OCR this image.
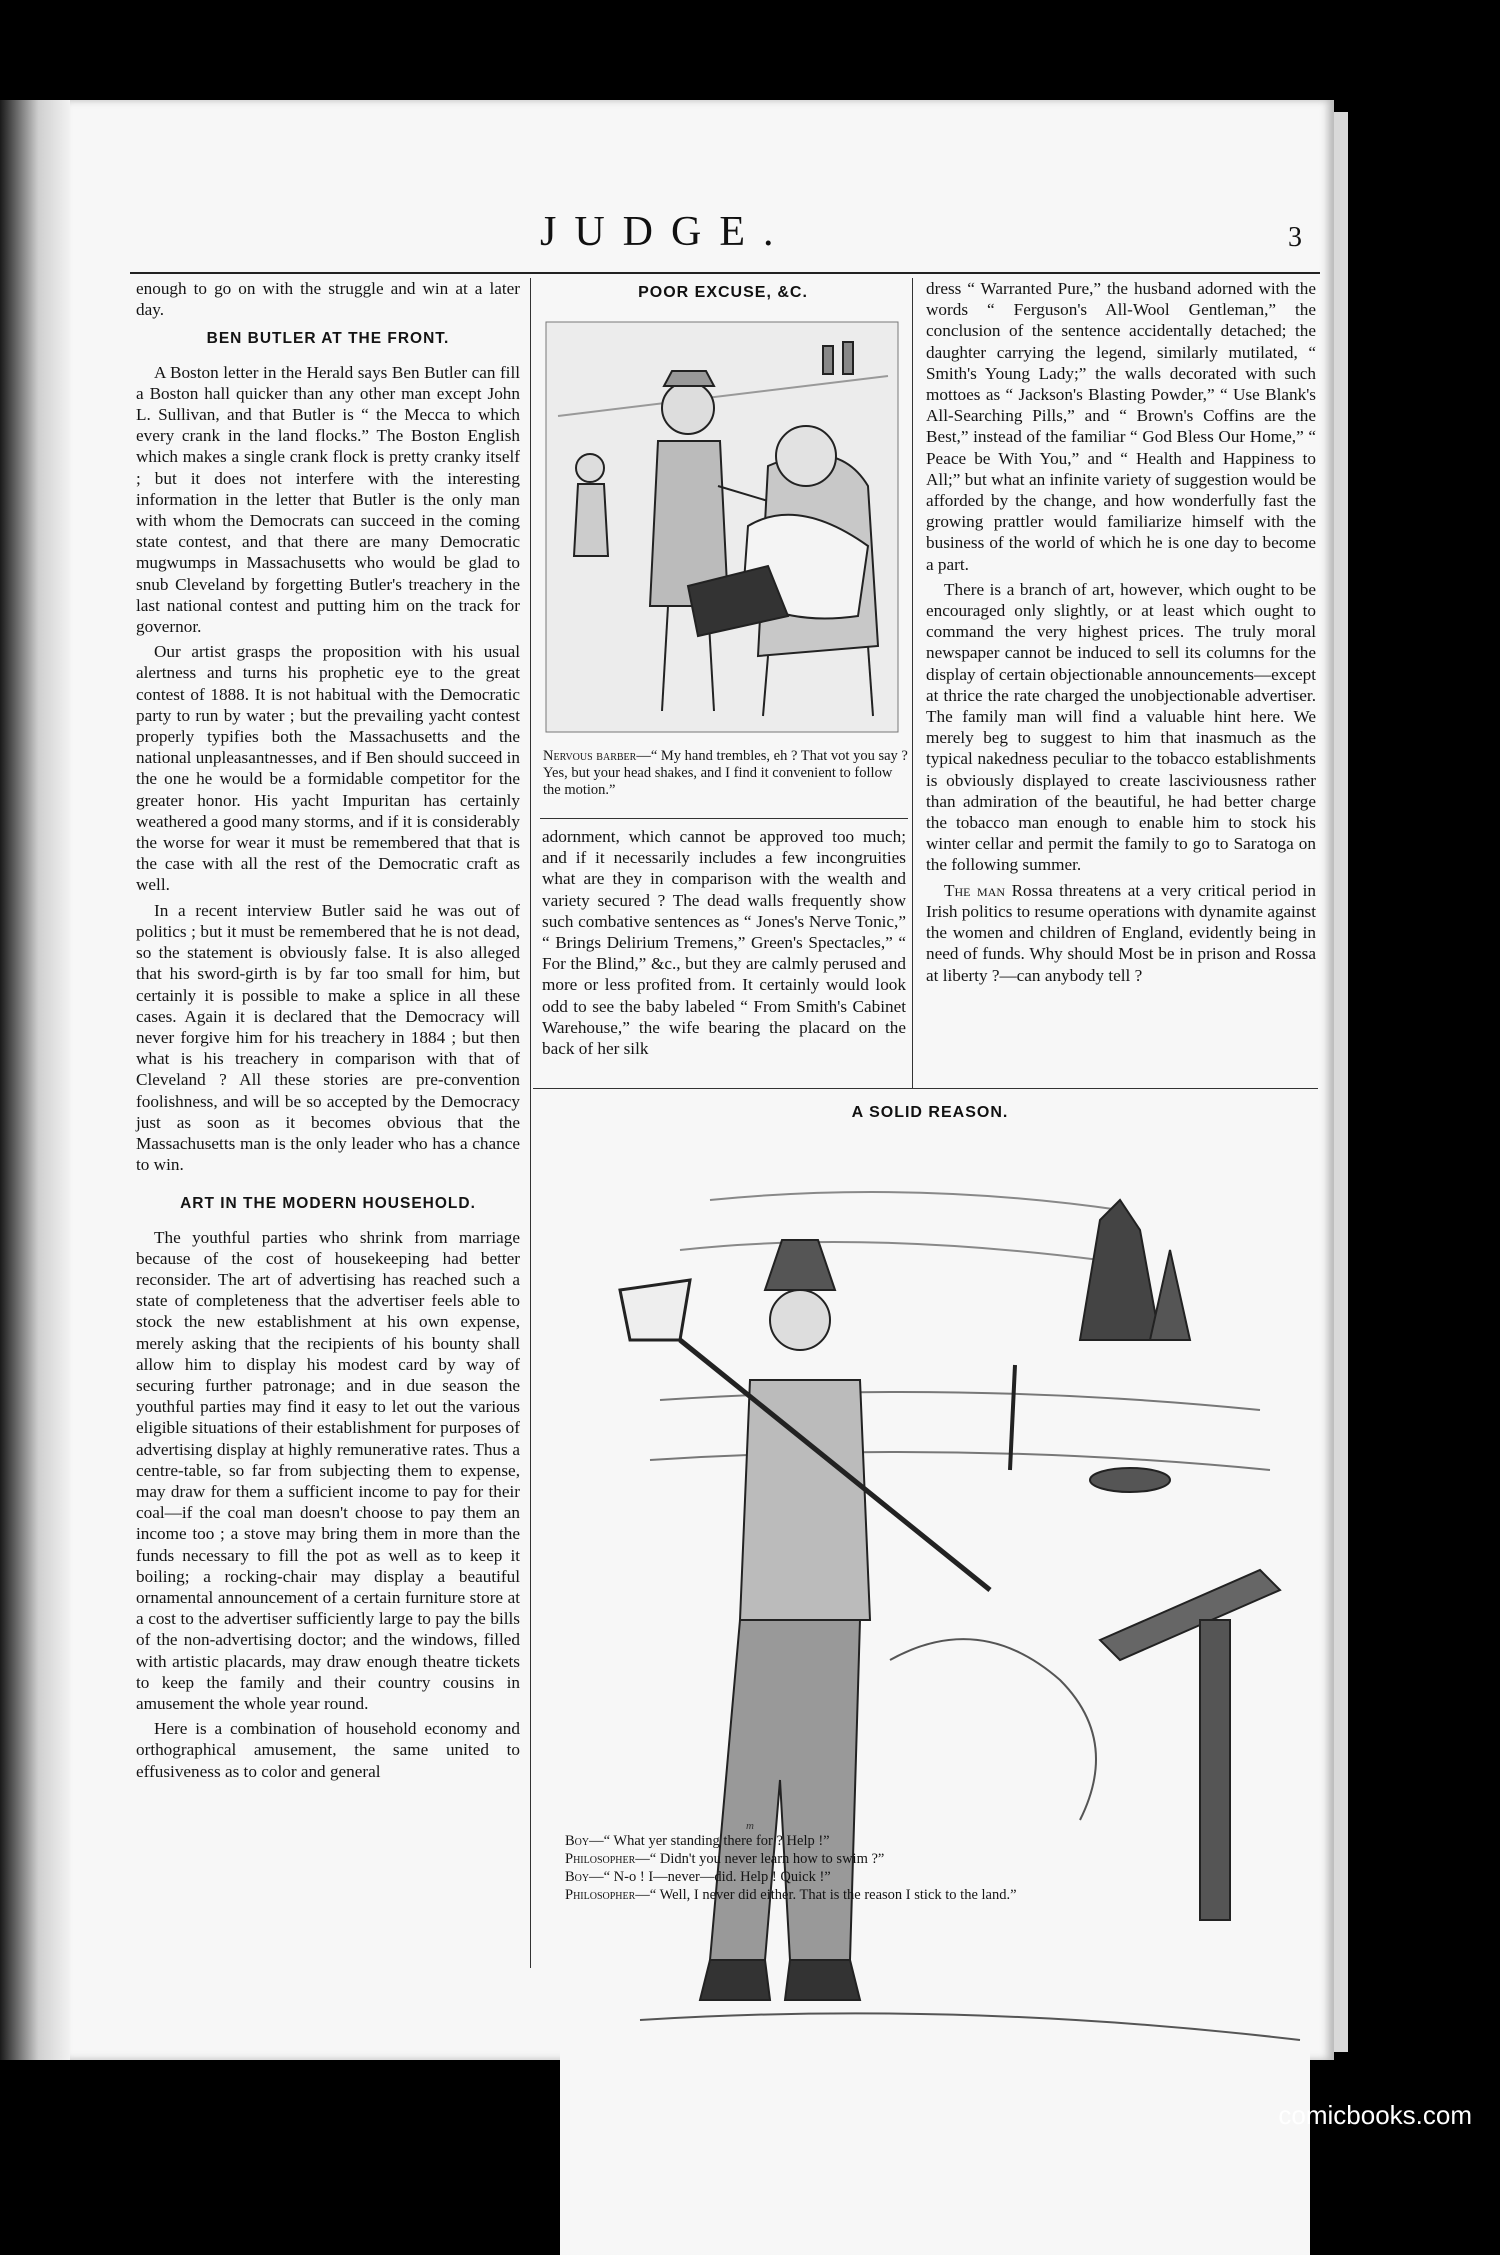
JUDGE.	3

enough to go on with the struggle and win at a later day.

BEN BUTLER AT THE FRONT.

A Boston letter in the Herald says Ben Butler can fill a Boston hall quicker than any other man except John L. Sullivan, and that Butler is “ the Mecca to which every crank in the land flocks.” The Boston English which makes a single crank flock is pretty cranky itself ; but it does not interfere with the interesting information in the letter that Butler is the only man with whom the Democrats can succeed in the coming state contest, and that there are many Democratic mugwumps in Massachusetts who would be glad to snub Cleveland by forgetting Butler's treachery in the last national contest and putting him on the track for governor.

Our artist grasps the proposition with his usual alertness and turns his prophetic eye to the great contest of 1888. It is not habitual with the Democratic party to run by water ; but the prevailing yacht contest properly typifies both the Massachusetts and the national unpleasantnesses, and if Ben should succeed in the one he would be a formidable competitor for the greater honor. His yacht Impuritan has certainly weathered a good many storms, and if it is considerably the worse for wear it must be remembered that that is the case with all the rest of the Democratic craft as well.

In a recent interview Butler said he was out of politics ; but it must be remembered that he is not dead, so the statement is obviously false. It is also alleged that his sword-girth is by far too small for him, but certainly it is possible to make a splice in all these cases. Again it is declared that the Democracy will never forgive him for his treachery in 1884 ; but then what is his treachery in comparison with that of Cleveland ? All these stories are pre-convention foolishness, and will be so accepted by the Democracy just as soon as it becomes obvious that the Massachusetts man is the only leader who has a chance to win.

ART IN THE MODERN HOUSEHOLD.

The youthful parties who shrink from marriage because of the cost of housekeeping had better reconsider. The art of advertising has reached such a state of completeness that the advertiser feels able to stock the new establishment at his own expense, merely asking that the recipients of his bounty shall allow him to display his modest card by way of securing further patronage; and in due season the youthful parties may find it easy to let out the various eligible situations of their establishment for purposes of advertising display at highly remunerative rates. Thus a centre-table, so far from subjecting them to expense, may draw for them a sufficient income to pay for their coal—if the coal man doesn't choose to pay them an income too ; a stove may bring them in more than the funds necessary to fill the pot as well as to keep it boiling; a rocking-chair may display a beautiful ornamental announcement of a certain furniture store at a cost to the advertiser sufficiently large to pay the bills of the non-advertising doctor; and the windows, filled with artistic placards, may draw enough theatre tickets to keep the family and their country cousins in amusement the whole year round.

Here is a combination of household economy and orthographical amusement, the same united to effusiveness as to color and general

POOR EXCUSE, &C.

Nervous barber—“ My hand trembles, eh ? That vot you say ? Yes, but your head shakes, and I find it convenient to follow the motion.”

adornment, which cannot be approved too much; and if it necessarily includes a few incongruities what are they in comparison with the wealth and variety secured ? The dead walls frequently show such combative sentences as “ Jones's Nerve Tonic,” “ Brings Delirium Tremens,” Green's Spectacles,” “ For the Blind,” &c., but they are calmly perused and more or less profited from. It certainly would look odd to see the baby labeled “ From Smith's Cabinet Warehouse,” the wife bearing the placard on the back of her silk

dress “ Warranted Pure,” the husband adorned with the words “ Ferguson's All-Wool Gentleman,” the conclusion of the sentence accidentally detached; the daughter carrying the legend, similarly mutilated, “ Smith's Young Lady;” the walls decorated with such mottoes as “ Jackson's Blasting Powder,” “ Use Blank's All-Searching Pills,” and “ Brown's Coffins are the Best,” instead of the familiar “ God Bless Our Home,” “ Peace be With You,” and “ Health and Happiness to All;” but what an infinite variety of suggestion would be afforded by the change, and how wonderfully fast the growing prattler would familiarize himself with the business of the world of which he is one day to become a part.

There is a branch of art, however, which ought to be encouraged only slightly, or at least which ought to command the very highest prices. The truly moral newspaper cannot be induced to sell its columns for the display of certain objectionable announcements—except at thrice the rate charged the unobjectionable advertiser. The family man will find a valuable hint here. We merely beg to suggest to him that inasmuch as the typical nakedness peculiar to the tobacco establishments is obviously displayed to create lasciviousness rather than admiration of the beautiful, he had better charge the tobacco man enough to enable him to stock his winter cellar and permit the family to go to Saratoga on the following summer.

The man Rossa threatens at a very critical period in Irish politics to resume operations with dynamite against the women and children of England, evidently being in need of funds. Why should Most be in prison and Rossa at liberty ?—can anybody tell ?

A SOLID REASON.
m

Boy—“ What yer standing there for ? Help !”

Philosopher—“ Didn't you never learn how to swim ?”

Boy—“ N-o ! I—never—did. Help ! Quick !”

Philosopher—“ Well, I never did either. That is the reason I stick to the land.”

comicbooks.com
